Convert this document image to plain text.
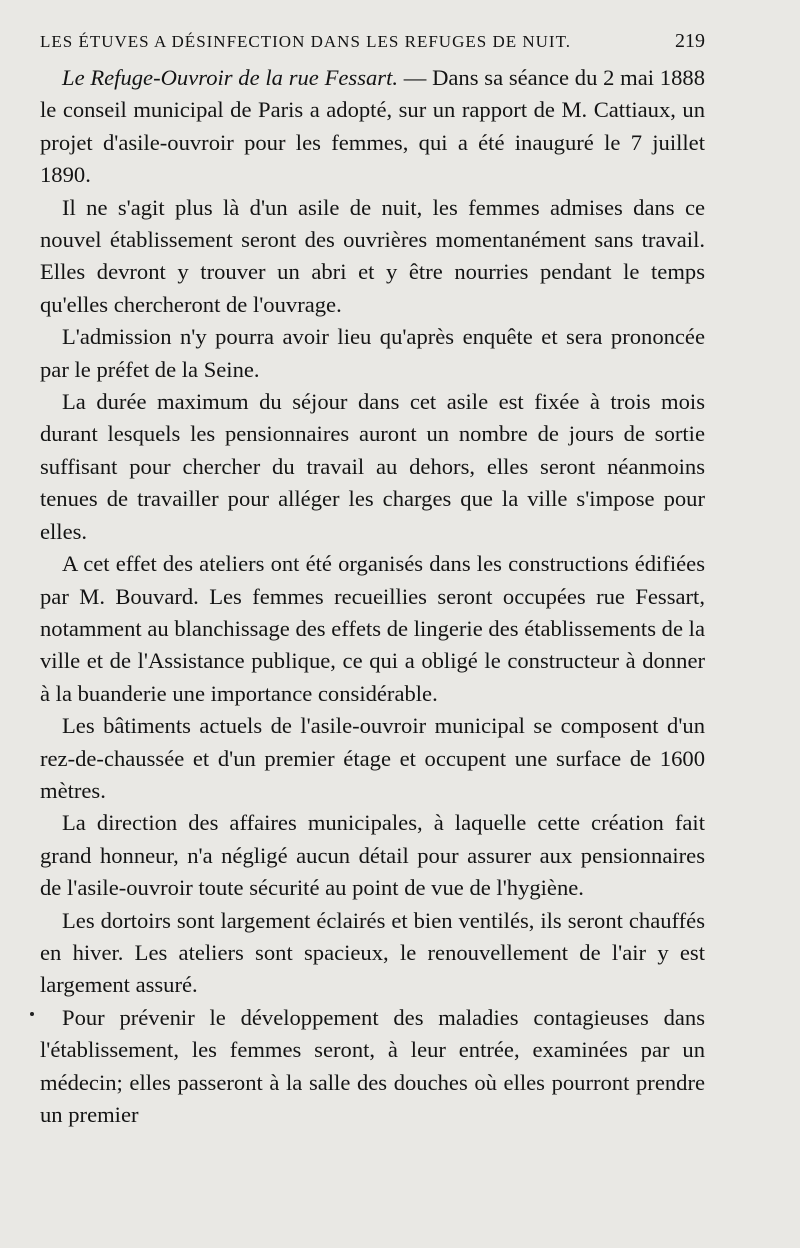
LES ÉTUVES A DÉSINFECTION DANS LES REFUGES DE NUIT.	219

Le Refuge-Ouvroir de la rue Fessart. — Dans sa séance du 2 mai 1888 le conseil municipal de Paris a adopté, sur un rapport de M. Cattiaux, un projet d'asile-ouvroir pour les femmes, qui a été inauguré le 7 juillet 1890.

Il ne s'agit plus là d'un asile de nuit, les femmes admises dans ce nouvel établissement seront des ouvrières momentanément sans travail. Elles devront y trouver un abri et y être nourries pendant le temps qu'elles chercheront de l'ouvrage.

L'admission n'y pourra avoir lieu qu'après enquête et sera prononcée par le préfet de la Seine.

La durée maximum du séjour dans cet asile est fixée à trois mois durant lesquels les pensionnaires auront un nombre de jours de sortie suffisant pour chercher du travail au dehors, elles seront néanmoins tenues de travailler pour alléger les charges que la ville s'impose pour elles.

A cet effet des ateliers ont été organisés dans les constructions édifiées par M. Bouvard. Les femmes recueillies seront occupées rue Fessart, notamment au blanchissage des effets de lingerie des établissements de la ville et de l'Assistance publique, ce qui a obligé le constructeur à donner à la buanderie une importance considérable.

Les bâtiments actuels de l'asile-ouvroir municipal se composent d'un rez-de-chaussée et d'un premier étage et occupent une surface de 1600 mètres.

La direction des affaires municipales, à laquelle cette création fait grand honneur, n'a négligé aucun détail pour assurer aux pensionnaires de l'asile-ouvroir toute sécurité au point de vue de l'hygiène.

Les dortoirs sont largement éclairés et bien ventilés, ils seront chauffés en hiver. Les ateliers sont spacieux, le renouvellement de l'air y est largement assuré.

Pour prévenir le développement des maladies contagieuses dans l'établissement, les femmes seront, à leur entrée, examinées par un médecin; elles passeront à la salle des douches où elles pourront prendre un premier
